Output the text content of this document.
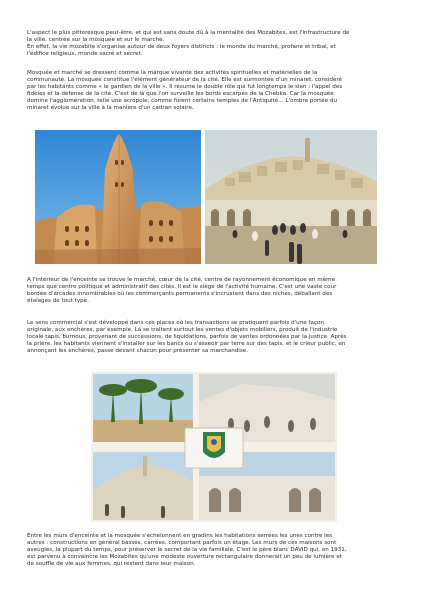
L'aspect le plus pittoresque peut-être, et qui est sans doute dû à la mentalité des Mozabites, est l'infrastructure de

la ville, centrée sur la mosquée et sur le marché.

En effet, la vie mozabite s'organise autour de deux foyers distincts : le monde du marché, profane et tribal, et

l'édifice religieux, monde sacré et secret.

Mosquée et marché se dressent comme la marque vivante des activités spirituelles et matérielles de la

communauté. La mosquée constitue l'élément générateur de la cité. Elle est surmontée d'un minaret, considéré

par les habitants comme « le gardien de la ville ». Il résume le double rôle qui fut longtemps le sien : l'appel des

fidèles et la défense de la cité. C'est de là que l'on surveille les bords escarpés de la Chebka. Car la mosquée

domine l'agglomération, telle une acropole, comme furent certains temples de l'Antiquité... L'ombre portée du

minaret évolue sur la ville à la manière d'un cadran solaire.

A l'intérieur de l'enceinte se trouve le marché, cœur de la cité, centre de rayonnement économique en même

temps que centre politique et administratif des cités. Il est le siège de l'activité humaine. C'est une vaste cour

bordée d'arcades innombrables où les commerçants permanents s'incrustent dans des niches, déballant des

étalages de tout type.

Le sens commercial s'est développé dans ces places où les transactions se pratiquent parfois d'une façon

originale, aux enchères, par exemple. Là se traitent surtout les ventes d'objets mobiliers, produit de l'industrie

locale tapis, burnous, provenant de successions, de liquidations, parfois de ventes ordonnées par la justice. Après

la prière, les habitants viennent s'installer sur les bancs ou s'asseoir par terre sur des tapis, et le crieur public, en

annonçant les enchères, passe devant chacun pour présenter sa marchandise.

Entre les murs d'enceinte et la mosquée s'échelonnent en gradins les habitations serrées les unes contre les

autres : constructions en général basses, carrées, comportant parfois un étage. Les murs de ces maisons sont

aveugles, la plupart du temps, pour préserver le secret de la vie familiale. C'est le père blanc DAVID qui, en 1931,

est parvenu à convaincre les Mozabites qu'une modeste ouverture rectangulaire donnerait un peu de lumière et

de souffle de vie aux femmes, qui restent dans leur maison.
